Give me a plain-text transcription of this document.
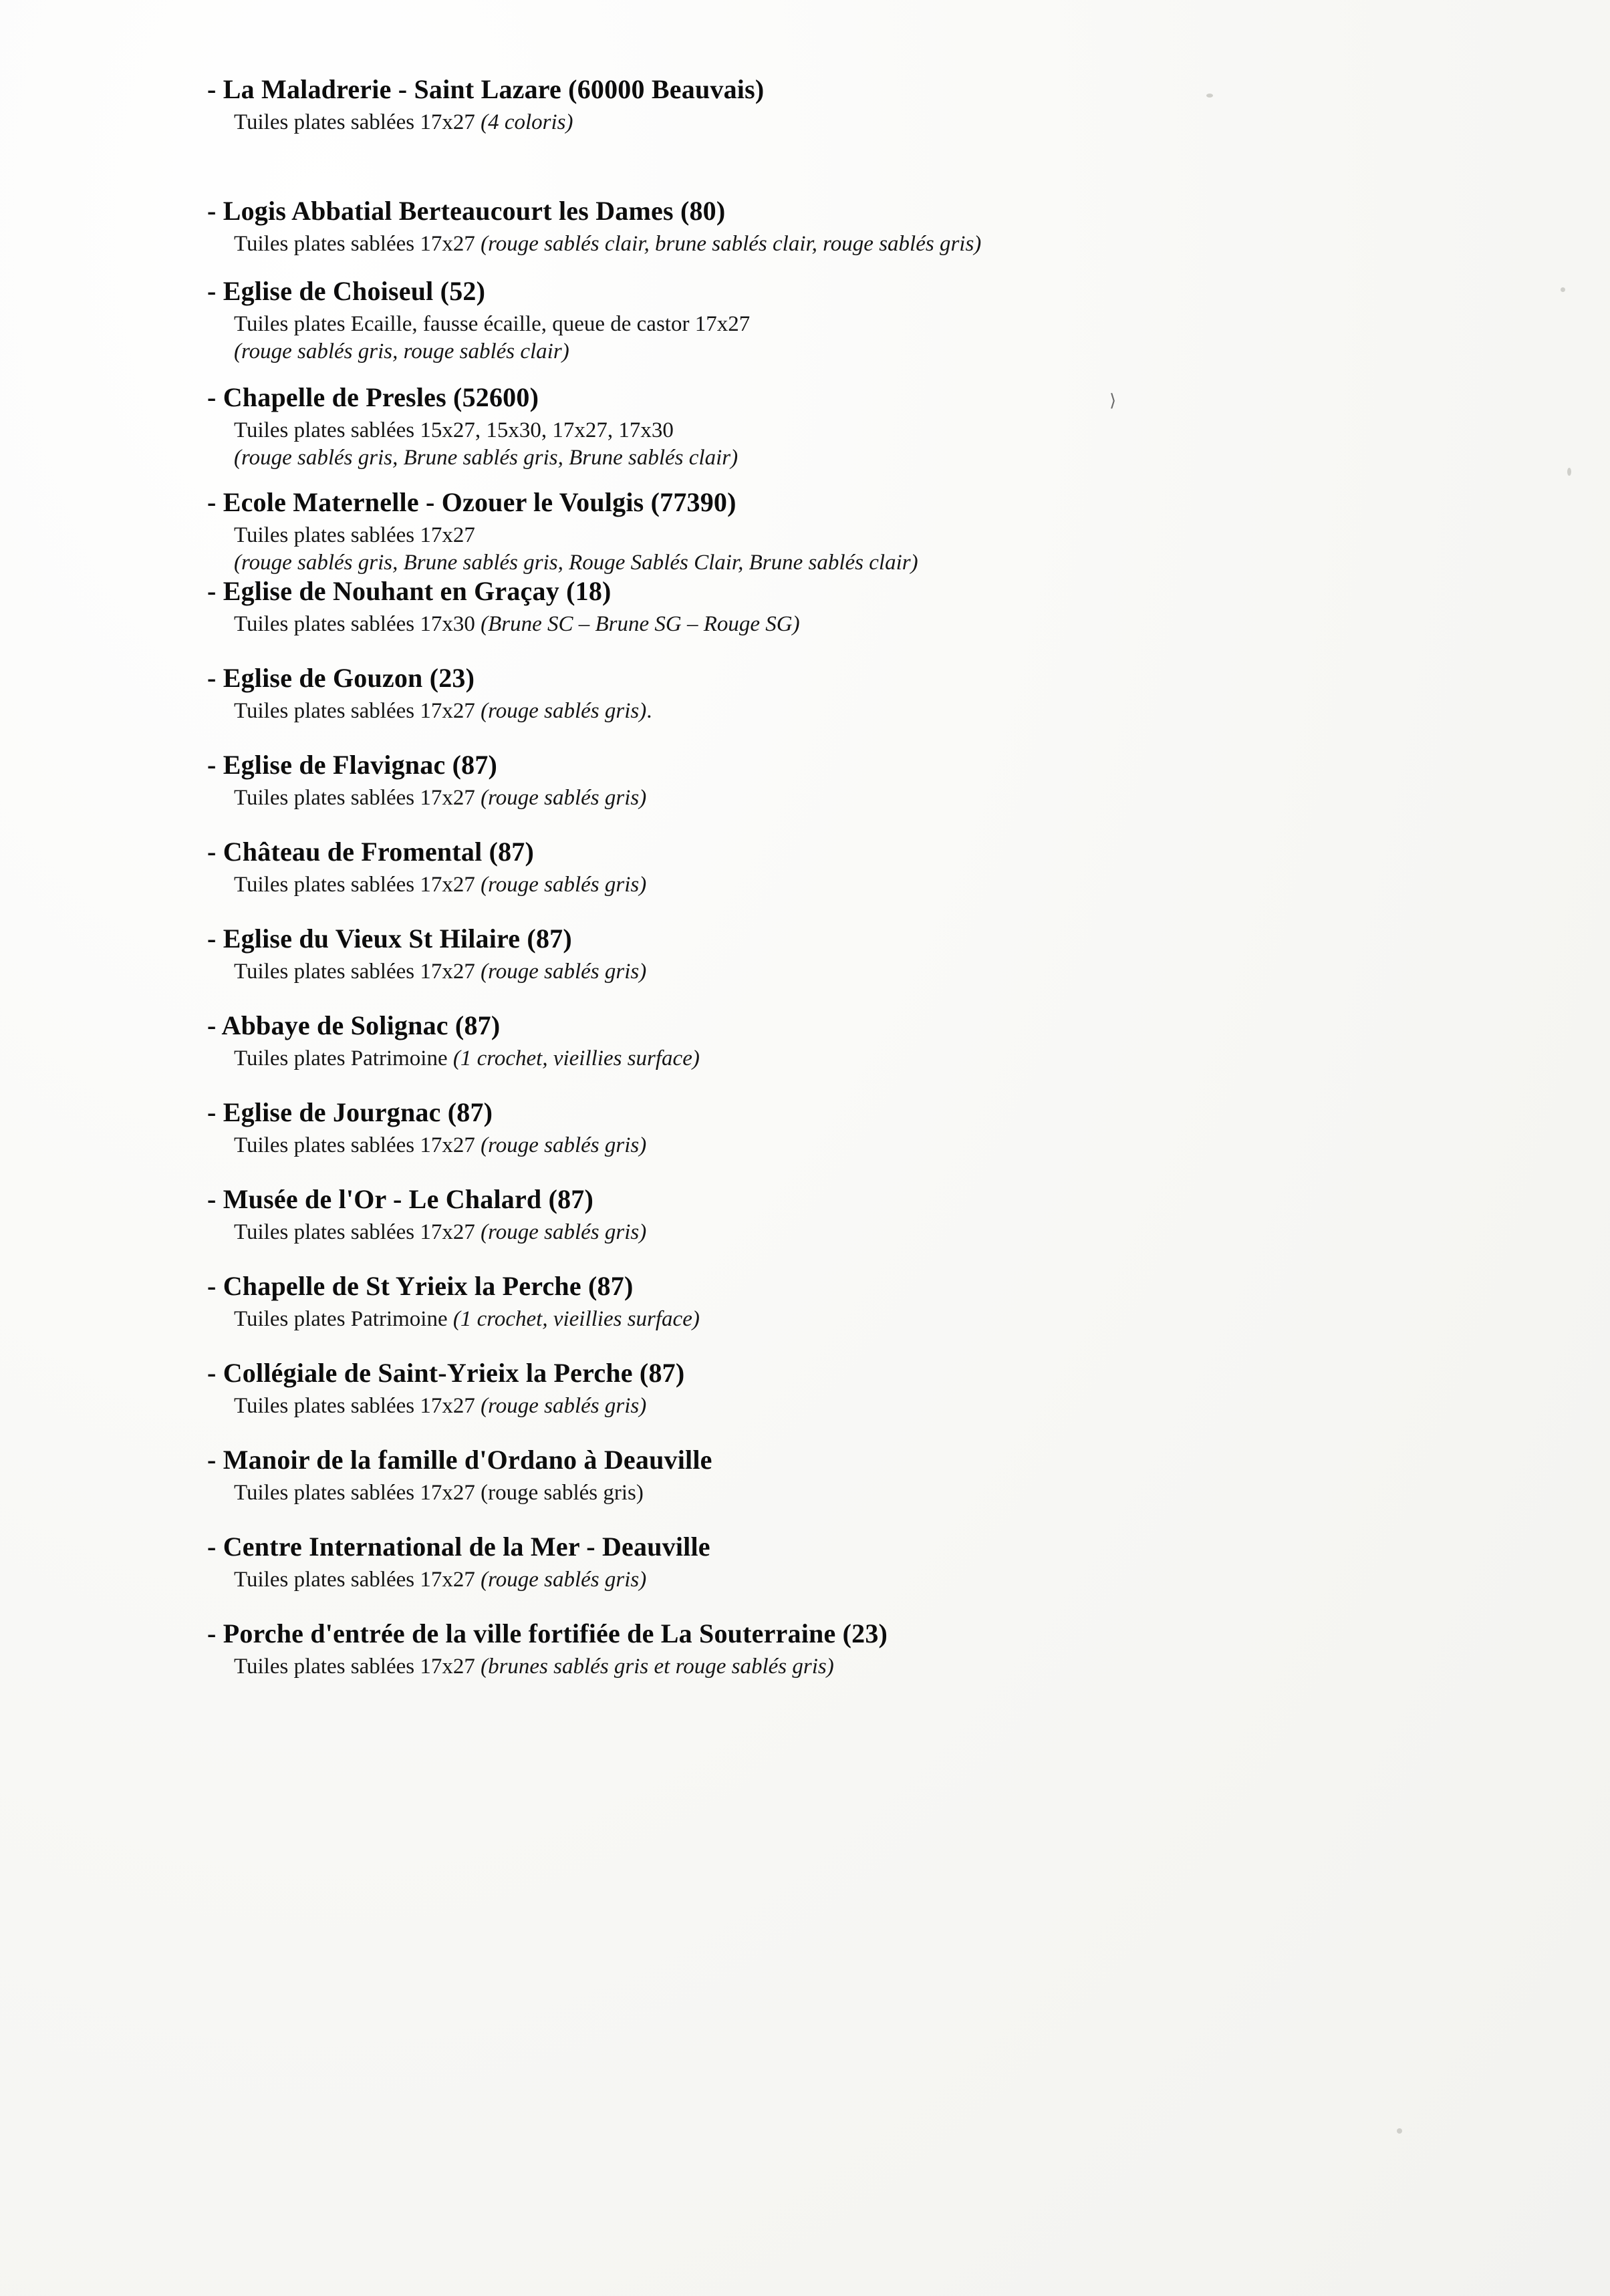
- La Maladrerie - Saint Lazare (60000 Beauvais)
Tuiles plates sablées 17x27 (4 coloris)
- Logis Abbatial Berteaucourt les Dames (80)
Tuiles plates sablées 17x27 (rouge sablés clair, brune sablés clair, rouge sablés gris)
- Eglise de Choiseul (52)
Tuiles plates Ecaille, fausse écaille, queue de castor 17x27
(rouge sablés gris, rouge sablés clair)
- Chapelle de Presles (52600)
Tuiles plates sablées 15x27, 15x30, 17x27, 17x30
(rouge sablés gris, Brune sablés gris, Brune sablés clair)
- Ecole Maternelle - Ozouer le Voulgis (77390)
Tuiles plates sablées 17x27
(rouge sablés gris, Brune sablés gris, Rouge Sablés Clair, Brune sablés clair)
- Eglise de Nouhant en Graçay (18)
Tuiles plates sablées 17x30 (Brune SC – Brune SG – Rouge SG)
- Eglise de Gouzon (23)
Tuiles plates sablées 17x27 (rouge sablés gris).
- Eglise de Flavignac (87)
Tuiles plates sablées 17x27 (rouge sablés gris)
- Château de Fromental (87)
Tuiles plates sablées 17x27 (rouge sablés gris)
- Eglise du Vieux St Hilaire (87)
Tuiles plates sablées 17x27 (rouge sablés gris)
- Abbaye de Solignac (87)
Tuiles plates Patrimoine (1 crochet, vieillies surface)
- Eglise de Jourgnac (87)
Tuiles plates sablées 17x27 (rouge sablés gris)
- Musée de l'Or - Le Chalard (87)
Tuiles plates sablées 17x27 (rouge sablés gris)
- Chapelle de St Yrieix la Perche (87)
Tuiles plates Patrimoine (1 crochet, vieillies surface)
- Collégiale de Saint-Yrieix la Perche (87)
Tuiles plates sablées 17x27 (rouge sablés gris)
- Manoir de la famille d'Ordano à Deauville
Tuiles plates sablées 17x27 (rouge sablés gris)
- Centre International de la Mer - Deauville
Tuiles plates sablées 17x27 (rouge sablés gris)
- Porche d'entrée de la ville fortifiée de La Souterraine (23)
Tuiles plates sablées 17x27 (brunes sablés gris et rouge sablés gris)
⟩
